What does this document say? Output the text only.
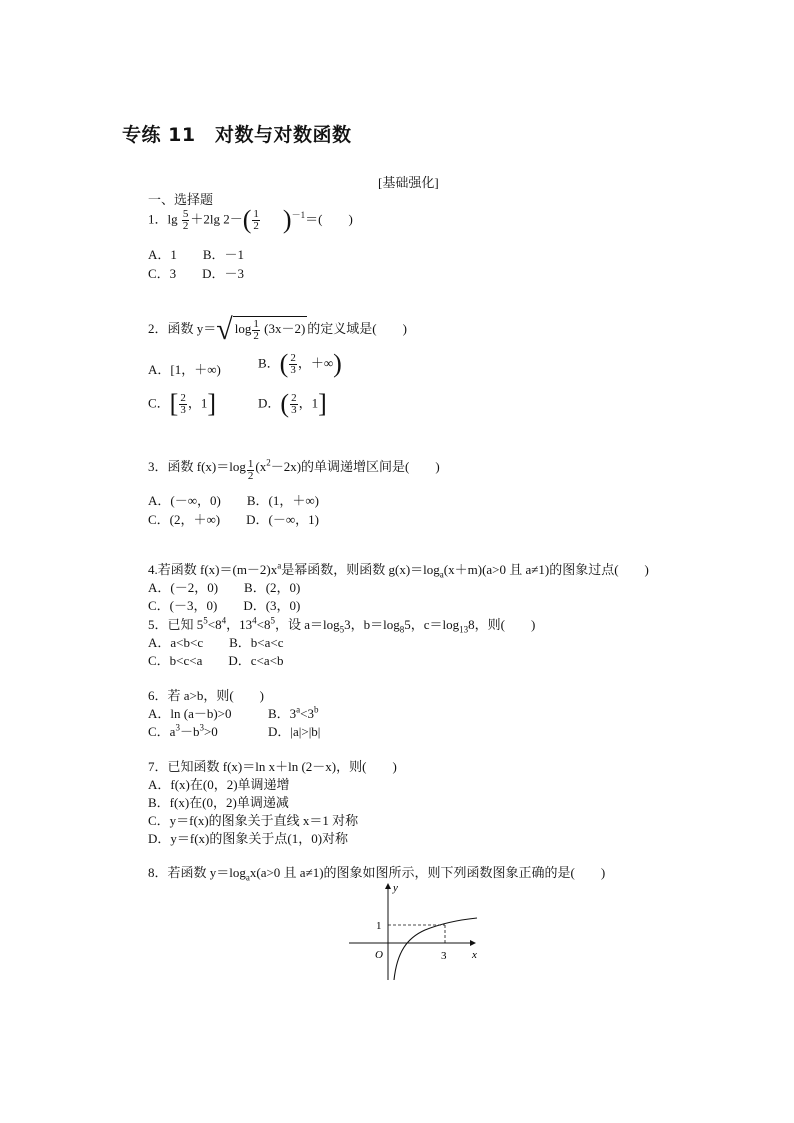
专练 11　对数与对数函数
[基础强化]
一、选择题
1．$\lg \frac{5}{2} +2\lg$ $2-( \frac{1}{2} )^{-1}=$(　　)
A．1　　B．－1
C．3　　D．－3
2．函数 y＝√ $\log \frac{1}{2} (3x-2)$ 的定义域是(　　)
A．[1，＋∞)	B．( $\frac{2}{3}$ ，＋∞)
C．[ $\frac{2}{3}$ ，1]	D．( $\frac{2}{3}$ ，1]
3．函数 $f(x)=\log \frac{1}{2} (x^2-2x)$的单调递增区间是(　　)
A．(－∞，0)　　B．(1，＋∞)
C．(2，＋∞)　　D．(－∞，1)
4.若函数 $f(x)=(m-2)x^a$是幂函数，则函数 $g(x)=\log_a(x+m)(a>0$ 且 a≠1)的图象过点(　　)
A．(－2，0)　　B．(2，0)
C．(－3，0)　　D．(3，0)
5．已知 $5^5<8^4$，$13^4<8^5$，设 $a=\log_53$，$b=\log_85$，$c=\log_{13}8$，则(　　)
A．a<b<c　　B．b<a<c
C．b<c<a　　D．c<a<b
6．若 a>b，则(　　)
A．ln (a－b)>0	B．$3^a<3^b$
C．$a^3-b^3>0$	D．|a|>|b|
7．已知函数 f(x)＝ln x＋ln (2－x)，则(　　)
A．f(x)在(0，2)单调递增
B．f(x)在(0，2)单调递减
C．y＝f(x)的图象关于直线 x＝1 对称
D．y＝f(x)的图象关于点(1，0)对称
8．若函数 $y=\log_ax(a>0$ 且 a≠1)的图象如图所示，则下列函数图象正确的是(　　)
y
x
O
1
3
